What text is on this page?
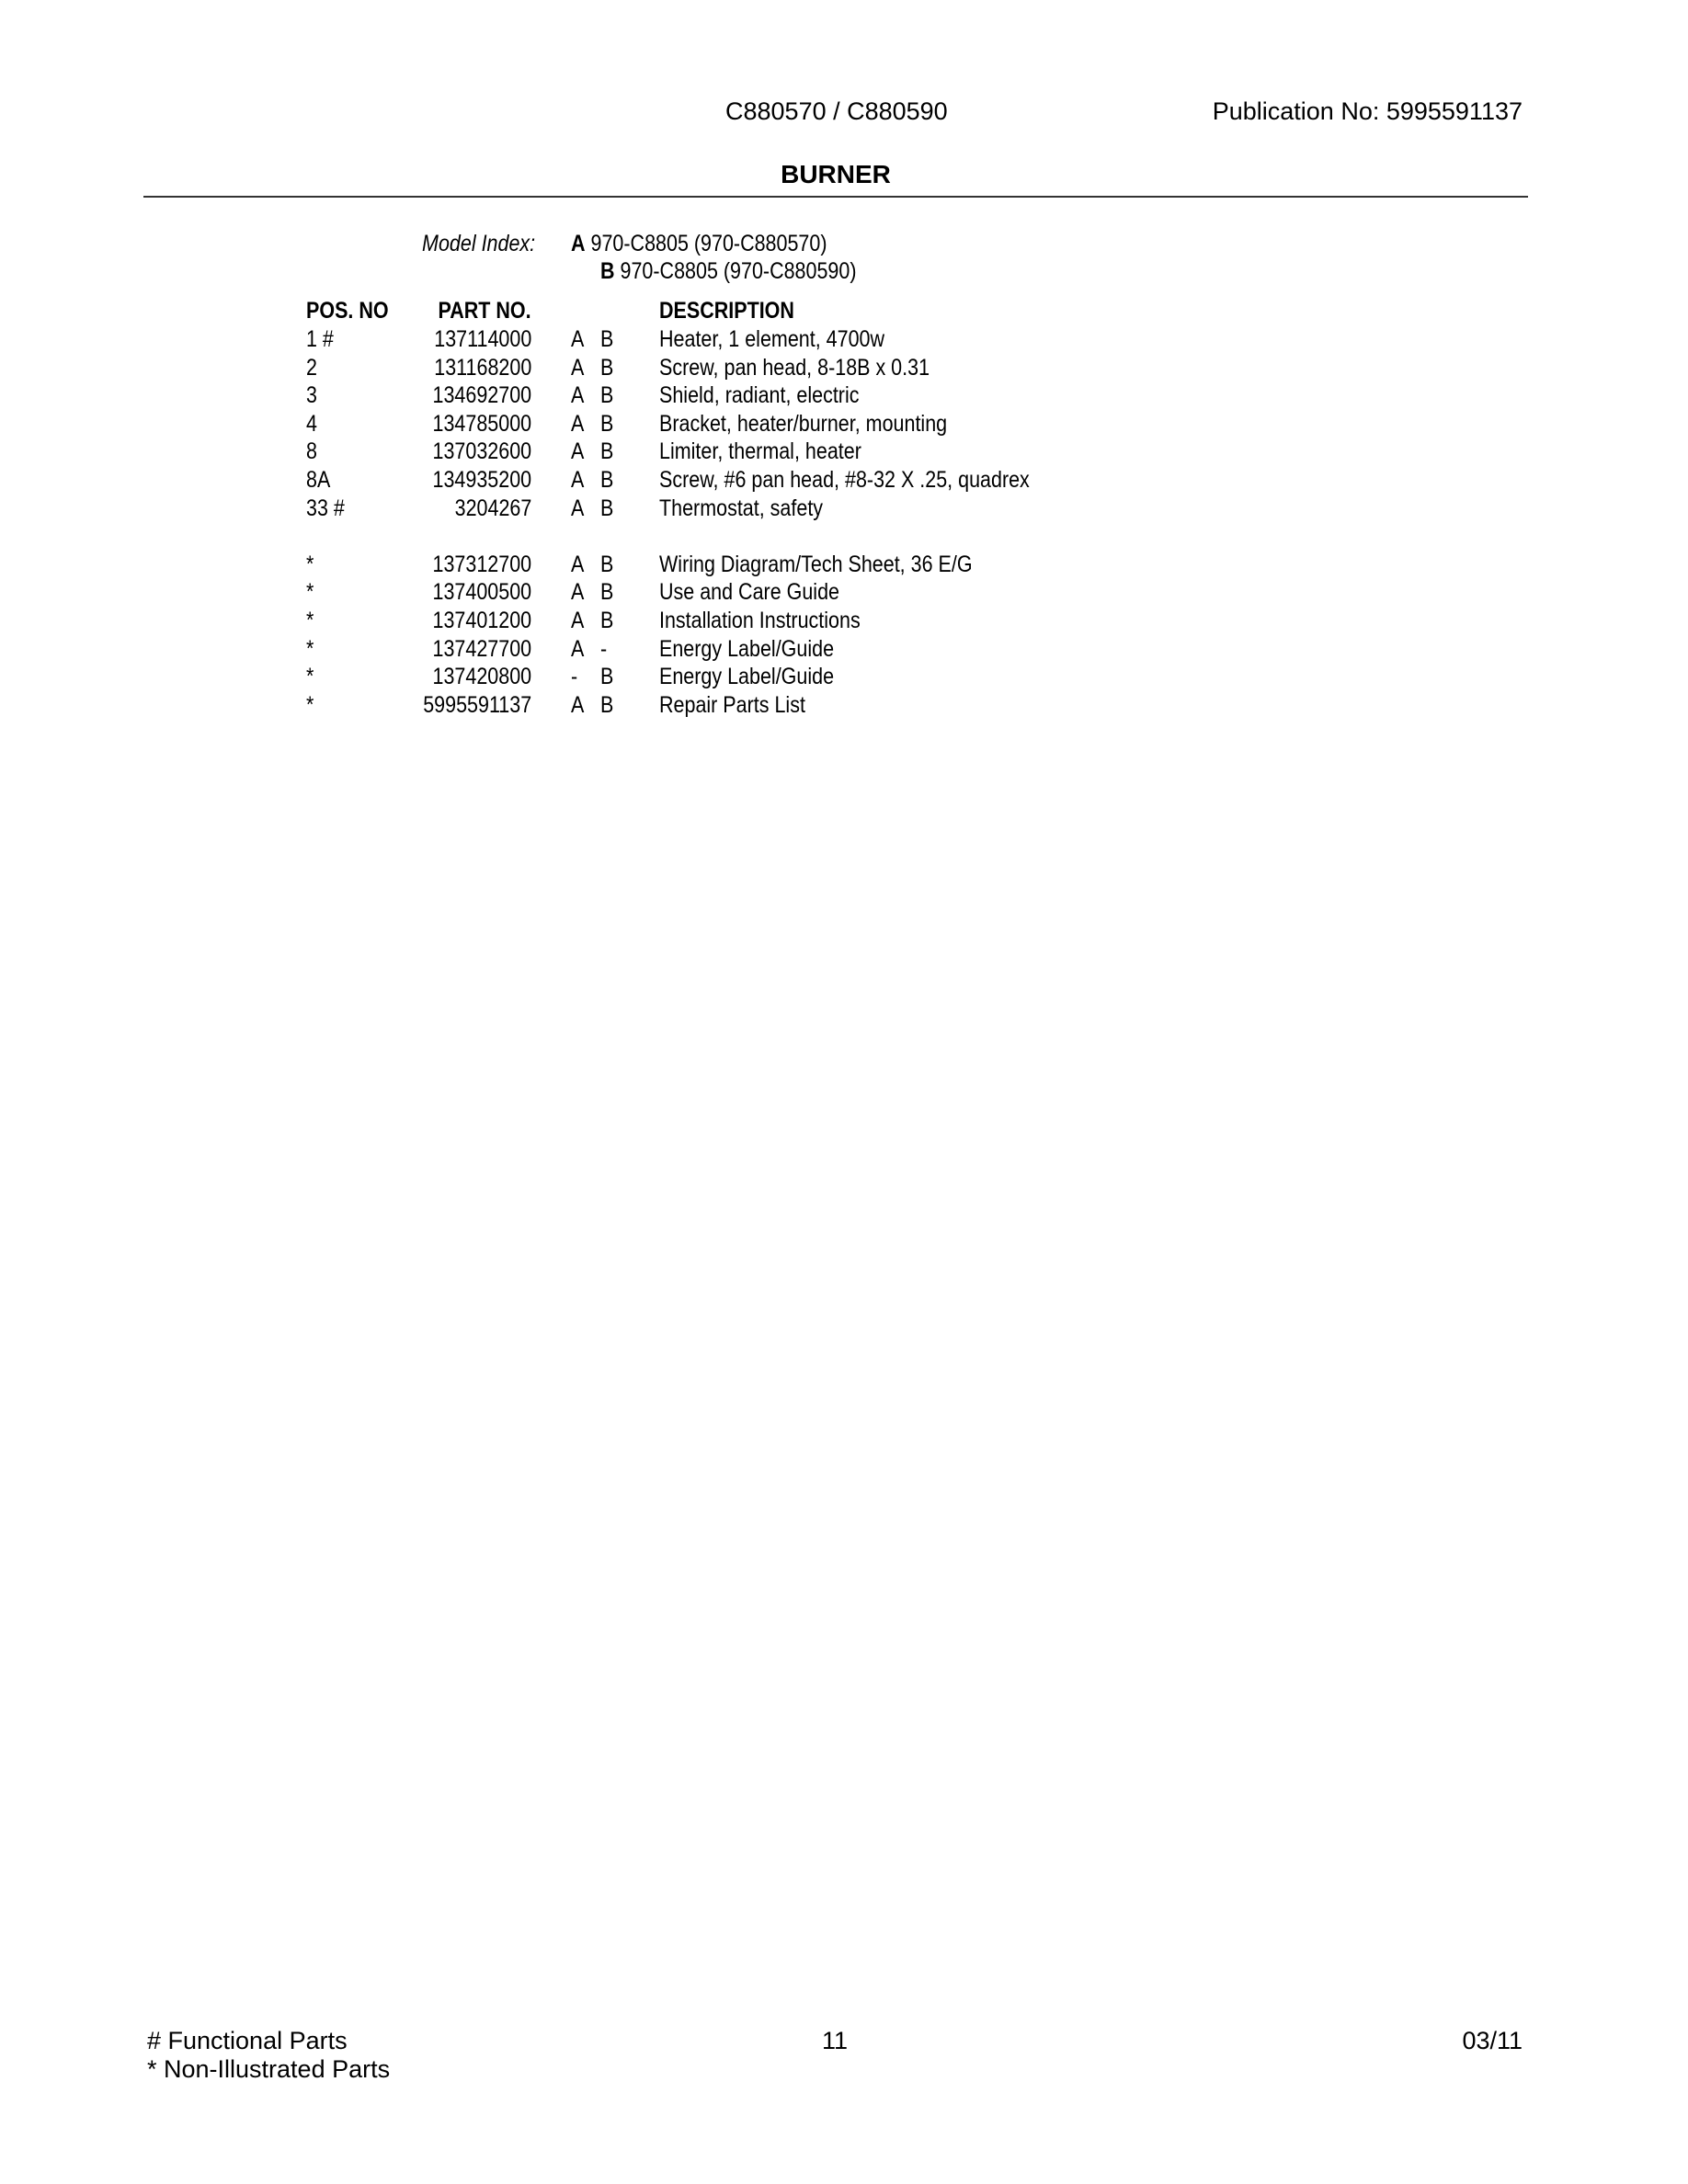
C880570 / C880590	Publication No: 5995591137
BURNER
Model Index: A 970-C8805 (970-C880570)
B 970-C8805 (970-C880590)
POS. NO PART NO.	DESCRIPTION
1 #	137114000 A B Heater, 1 element, 4700w
2	131168200 A B Screw, pan head, 8-18B x 0.31
3	134692700 A B Shield, radiant, electric
4	134785000 A B Bracket, heater/burner, mounting
8	137032600 A B Limiter, thermal, heater
8A	134935200 A B Screw, #6 pan head, #8-32 X .25, quadrex
33 #	3204267 A B Thermostat, safety
*	137312700 A B Wiring Diagram/Tech Sheet, 36 E/G
*	137400500 A B Use and Care Guide
*	137401200 A B Installation Instructions
*	137427700 A - Energy Label/Guide
*	137420800 - B Energy Label/Guide
*	5995591137 A B Repair Parts List
# Functional Parts
* Non-Illustrated Parts
11	03/11
